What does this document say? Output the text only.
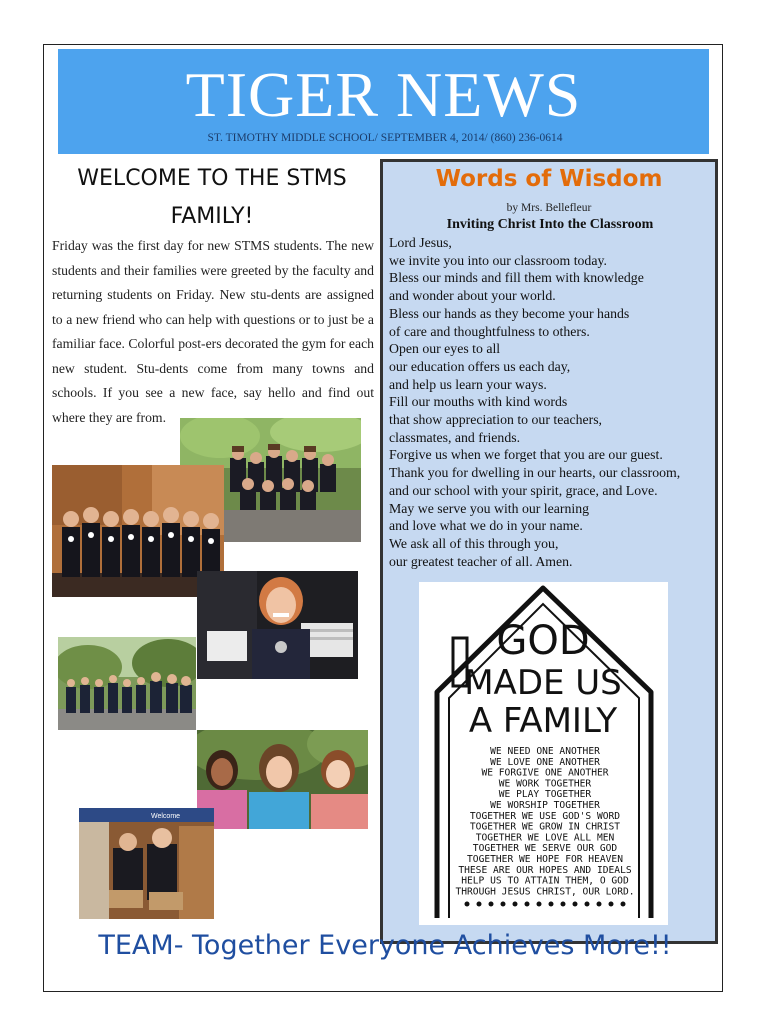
TIGER NEWS
ST. TIMOTHY MIDDLE SCHOOL/ SEPTEMBER 4, 2014/ (860) 236-0614
WELCOME TO THE STMS
FAMILY!
Friday was the first day for new STMS students. The new students and their families were greeted by the faculty and returning students on Friday. New stu-dents are assigned to a new friend who can help with questions or to just be a familiar face. Colorful post-ers decorated the gym for each new student. Stu-dents come from many towns and schools. If you see a new face, say hello and find out where they are from.
Welcome
Words of Wisdom
by Mrs. Bellefleur
Inviting Christ Into the Classroom
Lord Jesus,
we invite you into our classroom today.
Bless our minds and fill them with knowledge
and wonder about your world.
Bless our hands as they become your hands
of care and thoughtfulness to others.
Open our eyes to all
our education offers us each day,
and help us learn your ways.
Fill our mouths with kind words
that show appreciation to our teachers,
classmates, and friends.
Forgive us when we forget that you are our guest.
Thank you for dwelling in our hearts, our classroom,
and our school with your spirit, grace, and Love.
May we serve you with our learning
and love what we do in your name.
We ask all of this through you,
our greatest teacher of all. Amen.
GOD
MADE US
A FAMILY
WE NEED ONE ANOTHER
WE LOVE ONE ANOTHER
WE FORGIVE ONE ANOTHER
WE WORK TOGETHER
WE PLAY TOGETHER
WE WORSHIP TOGETHER
TOGETHER WE USE GOD'S WORD
TOGETHER WE GROW IN CHRIST
TOGETHER WE LOVE ALL MEN
TOGETHER WE SERVE OUR GOD
TOGETHER WE HOPE FOR HEAVEN
THESE ARE OUR HOPES AND IDEALS
HELP US TO ATTAIN THEM, O GOD
THROUGH JESUS CHRIST, OUR LORD.
TEAM- Together Everyone Achieves More!!
